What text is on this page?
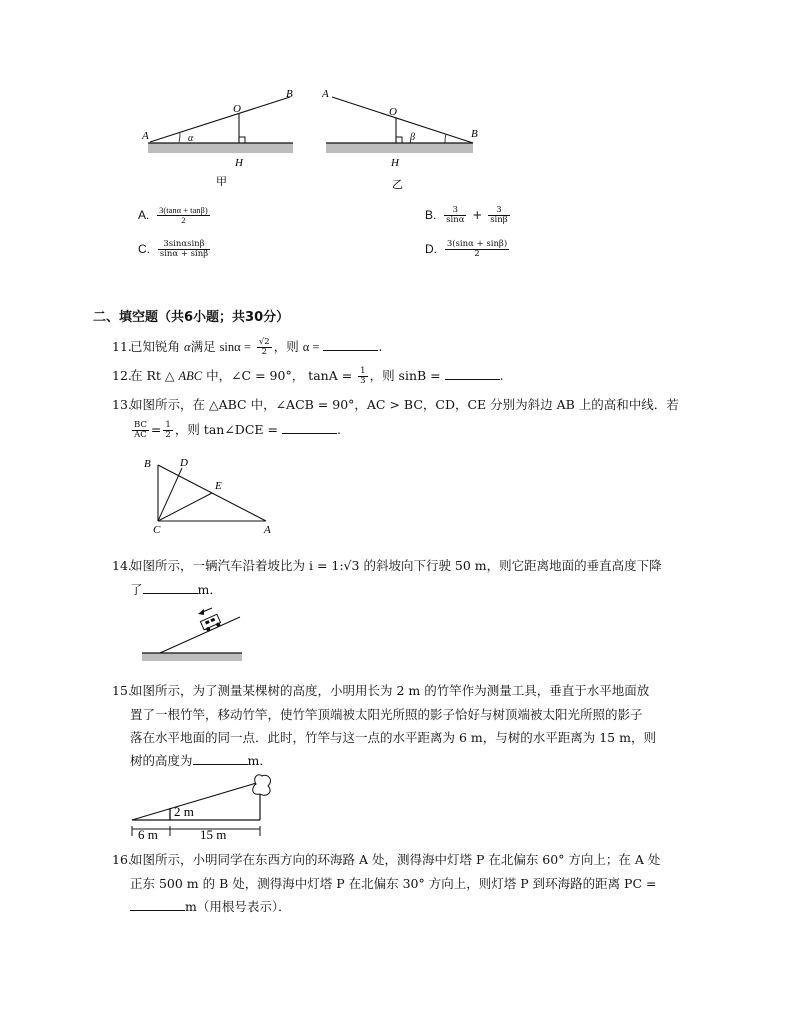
A
B
O
H
α
甲
A
B
O
H
β
乙
A. $\frac{3(\tan\alpha + \tan\beta)}{2}$	B. $\frac{3}{\sin\alpha} + \frac{3}{\sin\beta}$
C. $\frac{3\sin\alpha\sin\beta}{\sin\alpha + \sin\beta}$	D. $\frac{3(\sin\alpha + \sin\beta)}{2}$
二、填空题（共6小题；共30分）
11.已知锐角 α满足 $\sin\alpha = \frac{√2}{2}$ ，则 α =	.
12.在 Rt △ ABC 中，∠C = 90°， $\tan A = \frac{1}{3}$ ，则 sinB =	.
13.如图所示，在 △ABC 中，∠ACB = 90°，AC > BC，CD，CE 分别为斜边 AB 上的高和中线．若
$\frac{BC}{AC} = \frac{1}{2}$ ，则 tan∠DCE =	.
B	D
E
C	A
14.如图所示，一辆汽车沿着坡比为 i = 1:√3 的斜坡向下行驶 50 m，则它距离地面的垂直高度下降
了	m．
15.如图所示，为了测量某棵树的高度，小明用长为 2 m 的竹竿作为测量工具，垂直于水平地面放
置了一根竹竿，移动竹竿，使竹竿顶端被太阳光所照的影子恰好与树顶端被太阳光所照的影子
落在水平地面的同一点．此时，竹竿与这一点的水平距离为 6 m，与树的水平距离为 15 m，则
树的高度为	m．
2 m
6 m	15 m
16.如图所示，小明同学在东西方向的环海路 A 处，测得海中灯塔 P 在北偏东 60° 方向上；在 A 处
正东 500 m 的 B 处，测得海中灯塔 P 在北偏东 30° 方向上，则灯塔 P 到环海路的距离 PC =
m（用根号表示）．
